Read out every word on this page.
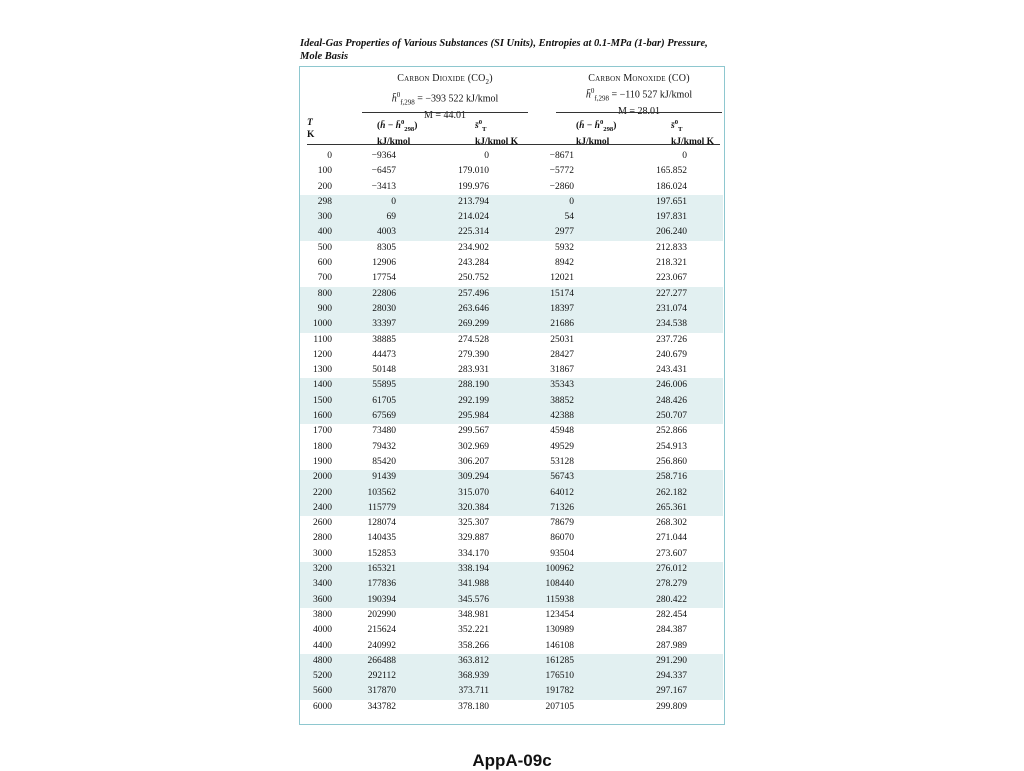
Ideal-Gas Properties of Various Substances (SI Units), Entropies at 0.1-MPa (1-bar) Pressure, Mole Basis
Carbon Dioxide $(CO_2)$
h̄$^0_{f,298}$ = −393 522 kJ/kmol
M = 44.01
Carbon Monoxide (CO)
h̄$^0_{f,298}$ = −110 527 kJ/kmol
M = 28.01
T
K
(h̄ − h̄$^0_{298}$)
kJ/kmol
s̄$^0_T$
kJ/kmol K
(h̄ − h̄$^0_{298}$)
kJ/kmol
s̄$^0_T$
kJ/kmol K
0	−9364	0	−8671	0	
100	−6457	179.010	−5772	165.852	
200	−3413	199.976	−2860	186.024	
298	0	213.794	0	197.651	
300	69	214.024	54	197.831	
400	4003	225.314	2977	206.240	
500	8305	234.902	5932	212.833	
600	12906	243.284	8942	218.321	
700	17754	250.752	12021	223.067	
800	22806	257.496	15174	227.277	
900	28030	263.646	18397	231.074	
1000	33397	269.299	21686	234.538	
1100	38885	274.528	25031	237.726	
1200	44473	279.390	28427	240.679	
1300	50148	283.931	31867	243.431	
1400	55895	288.190	35343	246.006	
1500	61705	292.199	38852	248.426	
1600	67569	295.984	42388	250.707	
1700	73480	299.567	45948	252.866	
1800	79432	302.969	49529	254.913	
1900	85420	306.207	53128	256.860	
2000	91439	309.294	56743	258.716	
2200	103562	315.070	64012	262.182	
2400	115779	320.384	71326	265.361	
2600	128074	325.307	78679	268.302	
2800	140435	329.887	86070	271.044	
3000	152853	334.170	93504	273.607	
3200	165321	338.194	100962	276.012	
3400	177836	341.988	108440	278.279	
3600	190394	345.576	115938	280.422	
3800	202990	348.981	123454	282.454	
4000	215624	352.221	130989	284.387	
4400	240992	358.266	146108	287.989	
4800	266488	363.812	161285	291.290	
5200	292112	368.939	176510	294.337	
5600	317870	373.711	191782	297.167	
6000	343782	378.180	207105	299.809	
AppA-09c
